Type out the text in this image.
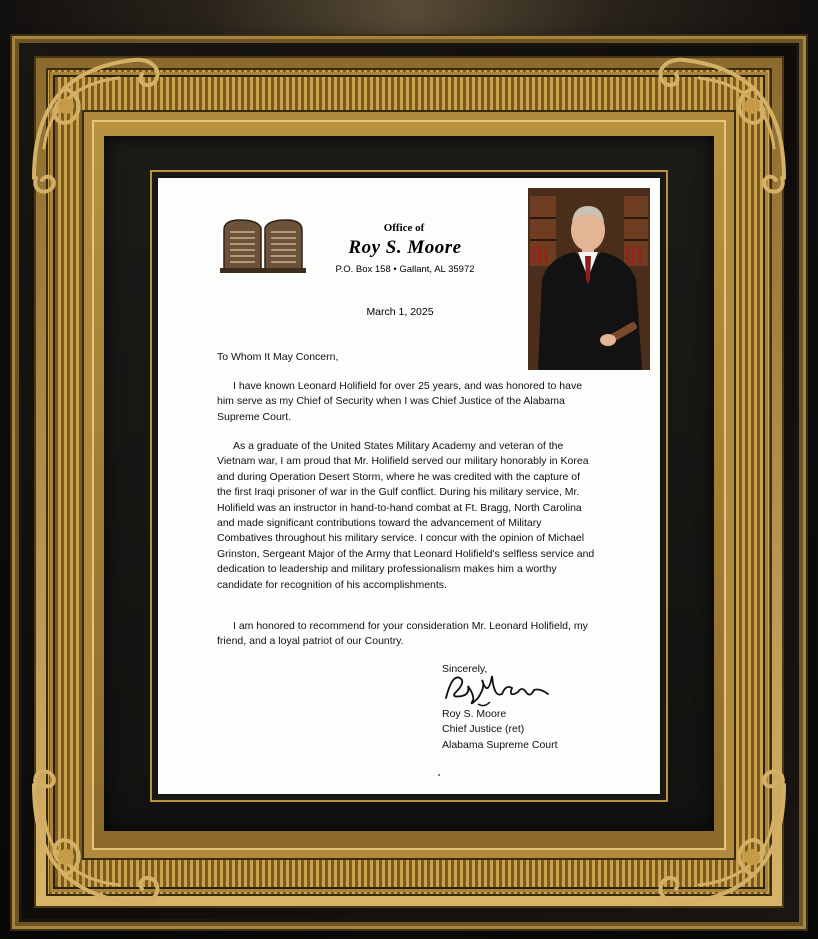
Office of
Roy S. Moore
P.O. Box 158 • Gallant, AL 35972
March 1, 2025
To Whom It May Concern,
I have known Leonard Holifield for over 25 years, and was honored to have him serve as my Chief of Security when I was Chief Justice of the Alabama Supreme Court.
As a graduate of the United States Military Academy and veteran of the Vietnam war, I am proud that Mr. Holifield served our military honorably in Korea and during Operation Desert Storm, where he was credited with the capture of the first Iraqi prisoner of war in the Gulf conflict. During his military service, Mr. Holifield was an instructor in hand-to-hand combat at Ft. Bragg, North Carolina and made significant contributions toward the advancement of Military Combatives throughout his military service. I concur with the opinion of Michael Grinston, Sergeant Major of the Army that Leonard Holifield's selfless service and dedication to leadership and military professionalism makes him a worthy candidate for recognition of his accomplishments.
I am honored to recommend for your consideration Mr. Leonard Holifield, my friend, and a loyal patriot of our Country.
Sincerely,
Roy S. Moore
Chief Justice (ret)
Alabama Supreme Court
